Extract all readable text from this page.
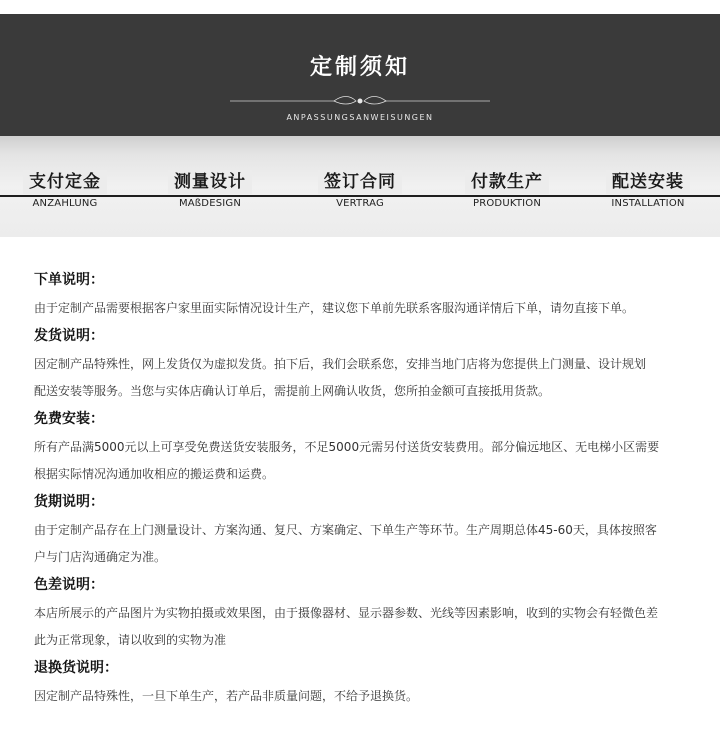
定制须知
ANPASSUNGSANWEISUNGEN
支付定金
ANZAHLUNG
测量设计
MAßDESIGN
签订合同
VERTRAG
付款生产
PRODUKTION
配送安装
INSTALLATION
下单说明：
由于定制产品需要根据客户家里面实际情况设计生产，建议您下单前先联系客服沟通详情后下单，请勿直接下单。
发货说明：
因定制产品特殊性，网上发货仅为虚拟发货。拍下后，我们会联系您，安排当地门店将为您提供上门测量、设计规划
配送安装等服务。当您与实体店确认订单后，需提前上网确认收货，您所拍金额可直接抵用货款。
免费安装：
所有产品满5000元以上可享受免费送货安装服务，不足5000元需另付送货安装费用。部分偏远地区、无电梯小区需要
根据实际情况沟通加收相应的搬运费和运费。
货期说明：
由于定制产品存在上门测量设计、方案沟通、复尺、方案确定、下单生产等环节。生产周期总体45-60天，具体按照客
户与门店沟通确定为准。
色差说明：
本店所展示的产品图片为实物拍摄或效果图，由于摄像器材、显示器参数、光线等因素影响，收到的实物会有轻微色差
此为正常现象，请以收到的实物为准
退换货说明：
因定制产品特殊性，一旦下单生产，若产品非质量问题，不给予退换货。
